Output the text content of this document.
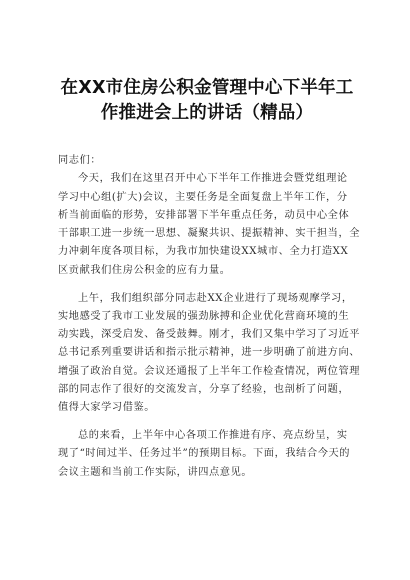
在XX市住房公积金管理中心下半年工
作推进会上的讲话（精品）

同志们：

今天，我们在这里召开中心下半年工作推进会暨党组理论
学习中心组(扩大)会议，主要任务是全面复盘上半年工作，分
析当前面临的形势，安排部署下半年重点任务，动员中心全体
干部职工进一步统一思想、凝聚共识、提振精神、实干担当，全
力冲刺年度各项目标，为我市加快建设XX城市、全力打造XX
区贡献我们住房公积金的应有力量。

上午，我们组织部分同志赴XX企业进行了现场观摩学习，
实地感受了我市工业发展的强劲脉搏和企业优化营商环境的生
动实践，深受启发、备受鼓舞。刚才，我们又集中学习了习近平
总书记系列重要讲话和指示批示精神，进一步明确了前进方向、
增强了政治自觉。会议还通报了上半年工作检查情况，两位管理
部的同志作了很好的交流发言，分享了经验，也剖析了问题，
值得大家学习借鉴。

总的来看，上半年中心各项工作推进有序、亮点纷呈，实
现了“时间过半、任务过半”的预期目标。下面，我结合今天的
会议主题和当前工作实际，讲四点意见。
